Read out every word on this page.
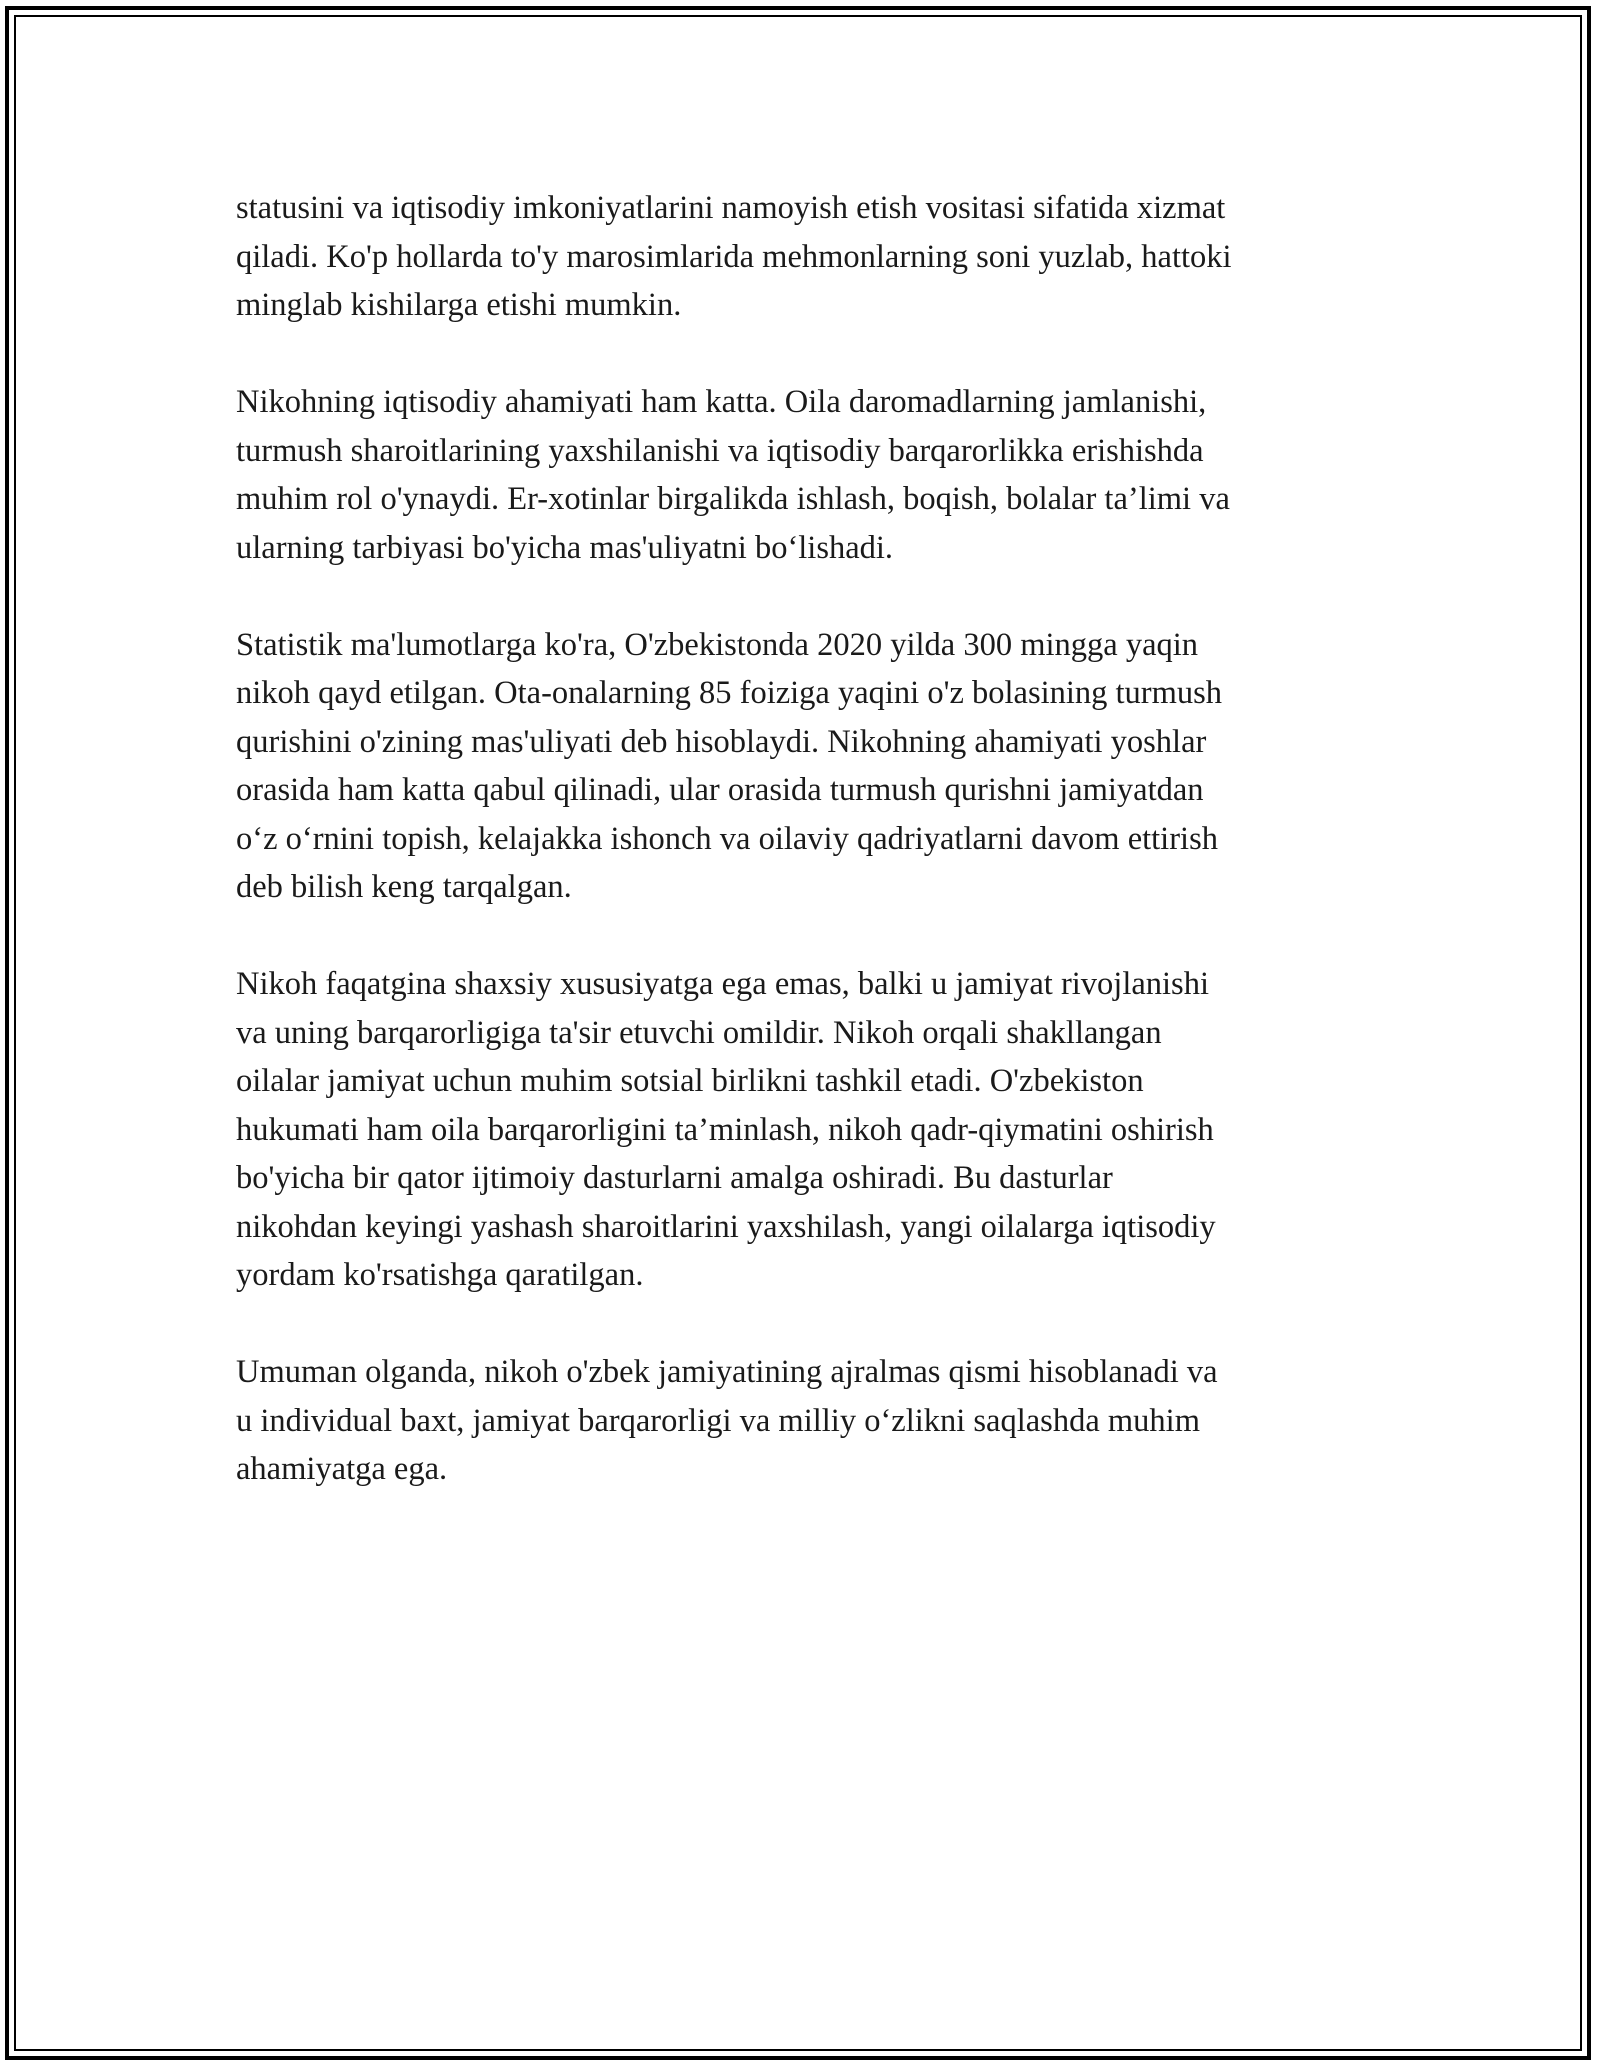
statusini va iqtisodiy imkoniyatlarini namoyish etish vositasi sifatida xizmat
qiladi. Ko'p hollarda to'y marosimlarida mehmonlarning soni yuzlab, hattoki
minglab kishilarga etishi mumkin.

Nikohning iqtisodiy ahamiyati ham katta. Oila daromadlarning jamlanishi,
turmush sharoitlarining yaxshilanishi va iqtisodiy barqarorlikka erishishda
muhim rol o'ynaydi. Er-xotinlar birgalikda ishlash, boqish, bolalar ta’limi va
ularning tarbiyasi bo'yicha mas'uliyatni bo‘lishadi.

Statistik ma'lumotlarga ko'ra, O'zbekistonda 2020 yilda 300 mingga yaqin
nikoh qayd etilgan. Ota-onalarning 85 foiziga yaqini o'z bolasining turmush
qurishini o'zining mas'uliyati deb hisoblaydi. Nikohning ahamiyati yoshlar
orasida ham katta qabul qilinadi, ular orasida turmush qurishni jamiyatdan
o‘z o‘rnini topish, kelajakka ishonch va oilaviy qadriyatlarni davom ettirish
deb bilish keng tarqalgan.

Nikoh faqatgina shaxsiy xususiyatga ega emas, balki u jamiyat rivojlanishi
va uning barqarorligiga ta'sir etuvchi omildir. Nikoh orqali shakllangan
oilalar jamiyat uchun muhim sotsial birlikni tashkil etadi. O'zbekiston
hukumati ham oila barqarorligini ta’minlash, nikoh qadr-qiymatini oshirish
bo'yicha bir qator ijtimoiy dasturlarni amalga oshiradi. Bu dasturlar
nikohdan keyingi yashash sharoitlarini yaxshilash, yangi oilalarga iqtisodiy
yordam ko'rsatishga qaratilgan.

Umuman olganda, nikoh o'zbek jamiyatining ajralmas qismi hisoblanadi va
u individual baxt, jamiyat barqarorligi va milliy o‘zlikni saqlashda muhim
ahamiyatga ega.
